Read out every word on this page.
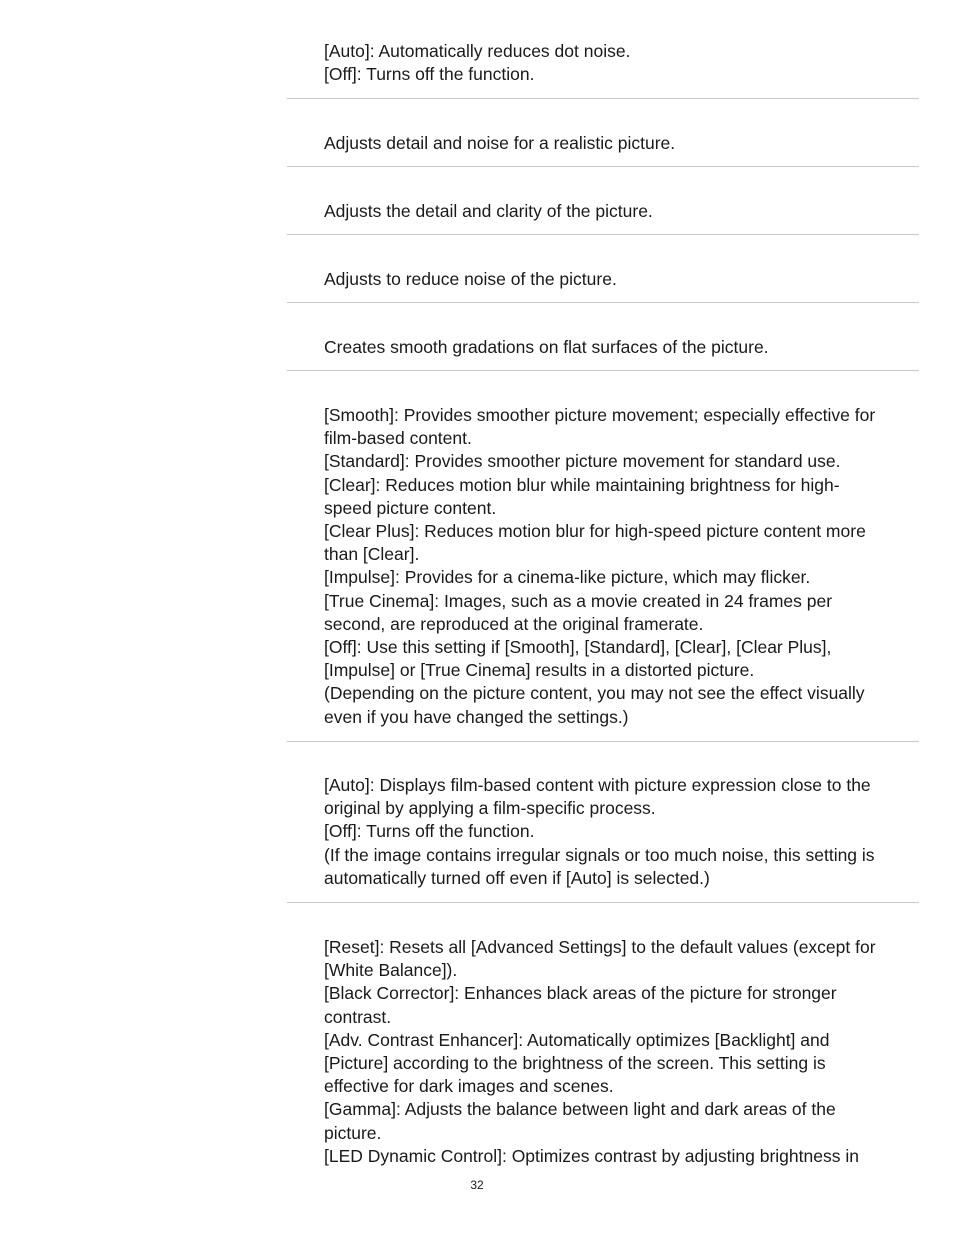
[Auto]: Automatically reduces dot noise.

[Off]: Turns off the function.

Adjusts detail and noise for a realistic picture.

Adjusts the detail and clarity of the picture.

Adjusts to reduce noise of the picture.

Creates smooth gradations on flat surfaces of the picture.

[Smooth]: Provides smoother picture movement; especially effective for
film-based content.

[Standard]: Provides smoother picture movement for standard use.

[Clear]: Reduces motion blur while maintaining brightness for high-
speed picture content.

[Clear Plus]: Reduces motion blur for high-speed picture content more
than [Clear].

[Impulse]: Provides for a cinema-like picture, which may flicker.

[True Cinema]: Images, such as a movie created in 24 frames per
second, are reproduced at the original framerate.

[Off]: Use this setting if [Smooth], [Standard], [Clear], [Clear Plus],
[Impulse] or [True Cinema] results in a distorted picture.

(Depending on the picture content, you may not see the effect visually
even if you have changed the settings.)

[Auto]: Displays film-based content with picture expression close to the
original by applying a film-specific process.

[Off]: Turns off the function.

(If the image contains irregular signals or too much noise, this setting is
automatically turned off even if [Auto] is selected.)

[Reset]: Resets all [Advanced Settings] to the default values (except for
[White Balance]).

[Black Corrector]: Enhances black areas of the picture for stronger
contrast.

[Adv. Contrast Enhancer]: Automatically optimizes [Backlight] and
[Picture] according to the brightness of the screen. This setting is
effective for dark images and scenes.

[Gamma]: Adjusts the balance between light and dark areas of the
picture.

[LED Dynamic Control]: Optimizes contrast by adjusting brightness in

32
